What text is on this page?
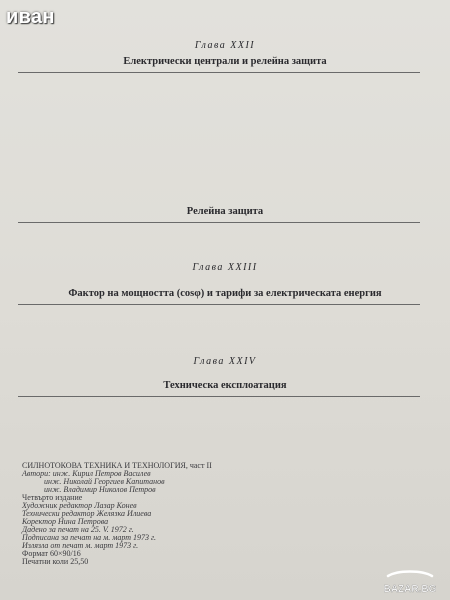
иван
Глава XXII
Електрически централи и релейна защита
Релейна защита
Глава XXIII
Фактор на мощността (cosφ) и тарифи за електрическата енергия
Глава XXIV
Техническа експлоатация
СИЛНОТОКОВА ТЕХНИКА И ТЕХНОЛОГИЯ, част II
Автори: инж. Кирил Петров Василев
инж. Николай Георгиев Капитанов
инж. Владимир Николов Петров
Четвърто издание
Художник редактор Лазар Конев
Технически редактор Желязка Илиева
Коректор Нина Петрова
Дадено за печат на 25. V. 1972 г.
Подписана за печат на м. март 1973 г.
Излязла от печат м. март 1973 г.
Формат 60×90/16
Печатни коли 25,50
BAZAR.BG
